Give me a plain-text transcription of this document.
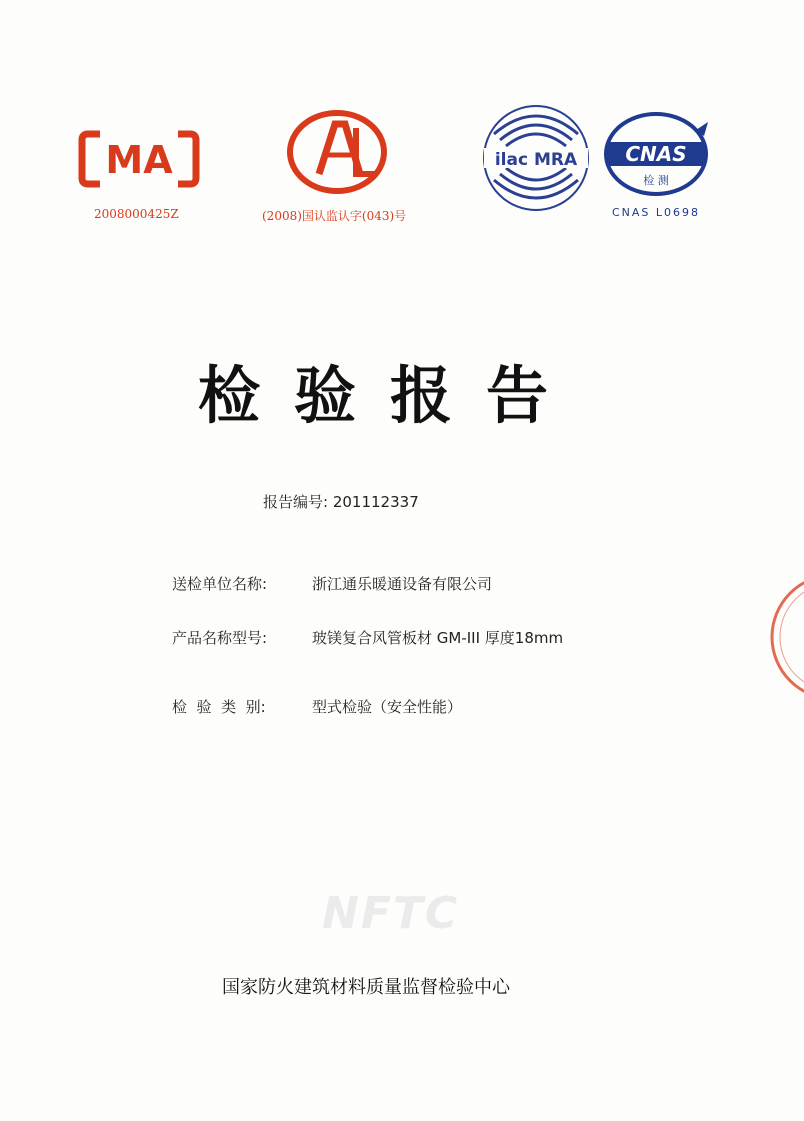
MA
2008000425Z	(2008)国认监认字(043)号
ilac MRA CNAS
检 测
CNAS L0698
检验报告
报告编号: 201112337
送检单位名称:	浙江通乐暖通设备有限公司
产品名称型号:	玻镁复合风管板材 GM-III 厚度18mm
检  验  类  别:	型式检验（安全性能）
NFTC
国家防火建筑材料质量监督检验中心
